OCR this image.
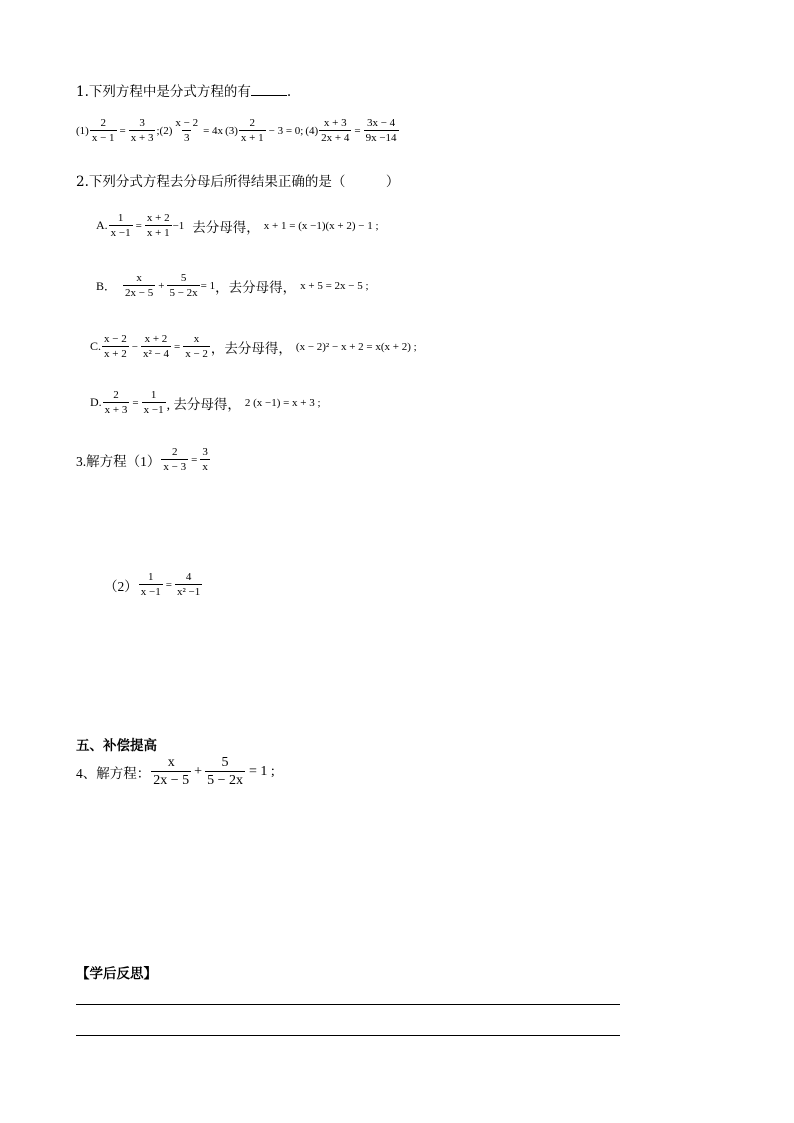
1.下列方程中是分式方程的有	.
$(1) \frac{2}{x - 1} = \frac{3}{x + 3}$ ;(2) $\frac{x - 2}{3} = 4x$ $(3) \frac{2}{x + 1} - 3 = 0$; $(4) \frac{x + 3}{2x + 4} = \frac{3x - 4}{9x -14}$
2.下列分式方程去分母后所得结果正确的是（　　　）
A. $\frac{1}{x -1} = \frac{x + 2}{x + 1} -1$ 去分母得， x + 1 = (x −1)(x + 2) − 1 ;
B． $\frac{x}{2x - 5} + \frac{5}{5 - 2x} = 1$ ，去分母得， x + 5 = 2x − 5 ;
C. $\frac{x - 2}{x + 2} - \frac{x + 2}{\text{x² − 4}} = \frac{x}{x - 2}$ ，去分母得， (x − 2)² − x + 2 = x(x + 2) ;
D. $\frac{2}{x + 3} = \frac{1}{x -1}$ , 去分母得， 2 (x −1) = x + 3 ;
3.解方程$(1) \frac{2}{x - 3} = \frac{3}{x}$
$(2) \frac{1}{x -1} = \frac{4}{\text{x² −1}}$
五、补偿提高
4、解方程： $\frac{x}{2x - 5} + \frac{5}{5 - 2x} = 1$ ;
【学后反思】
